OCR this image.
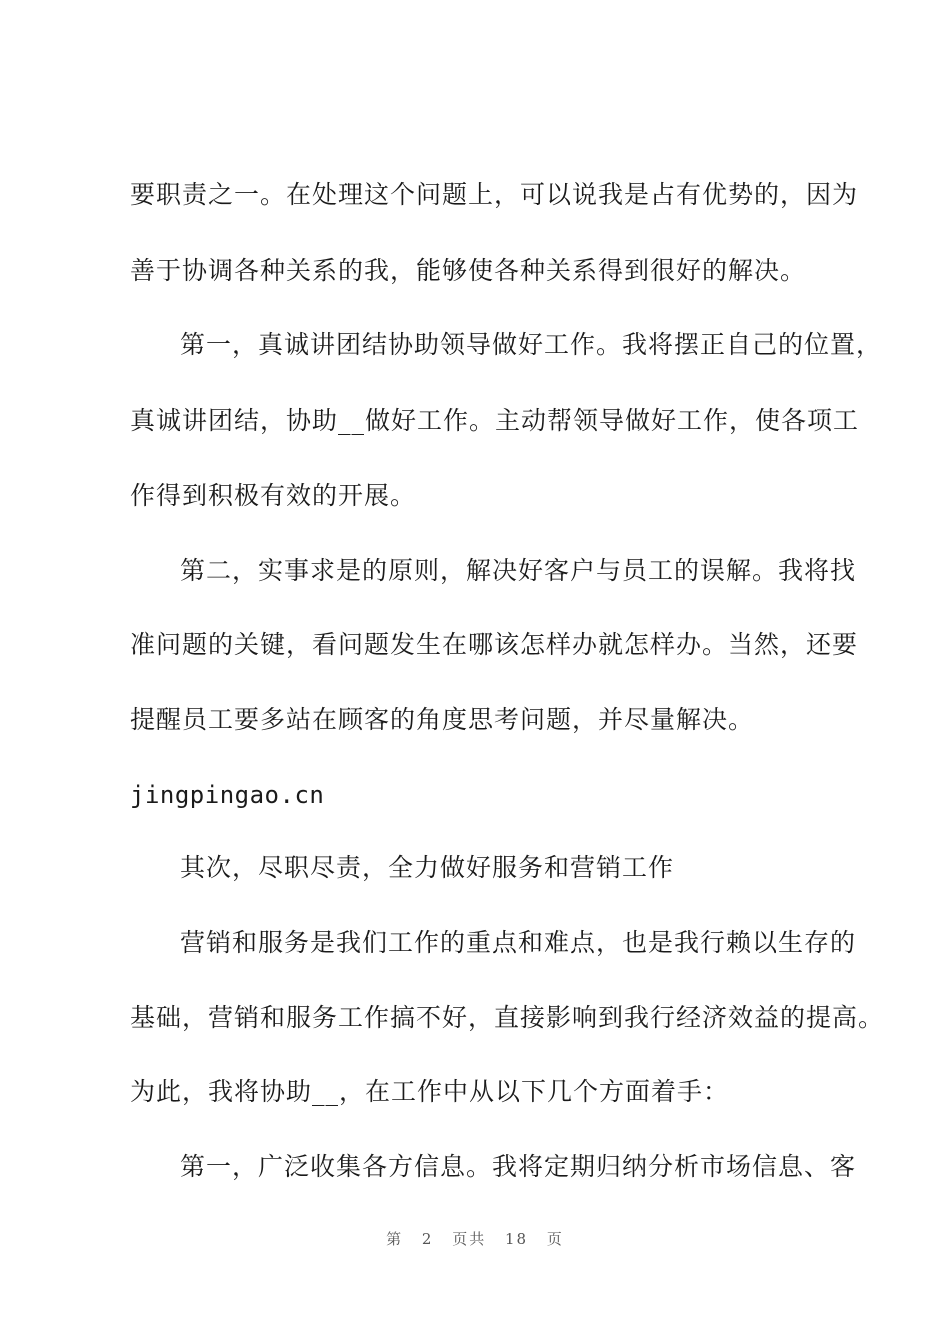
要职责之一。在处理这个问题上，可以说我是占有优势的，因为
善于协调各种关系的我，能够使各种关系得到很好的解决。
第一，真诚讲团结协助领导做好工作。我将摆正自己的位置，
真诚讲团结，协助__做好工作。主动帮领导做好工作，使各项工
作得到积极有效的开展。
第二，实事求是的原则，解决好客户与员工的误解。我将找
准问题的关键，看问题发生在哪该怎样办就怎样办。当然，还要
提醒员工要多站在顾客的角度思考问题，并尽量解决。
jingpingao.cn
其次，尽职尽责，全力做好服务和营销工作
营销和服务是我们工作的重点和难点，也是我行赖以生存的
基础，营销和服务工作搞不好，直接影响到我行经济效益的提高。
为此，我将协助__，在工作中从以下几个方面着手：
第一，广泛收集各方信息。我将定期归纳分析市场信息、客
第 2 页共 18 页
